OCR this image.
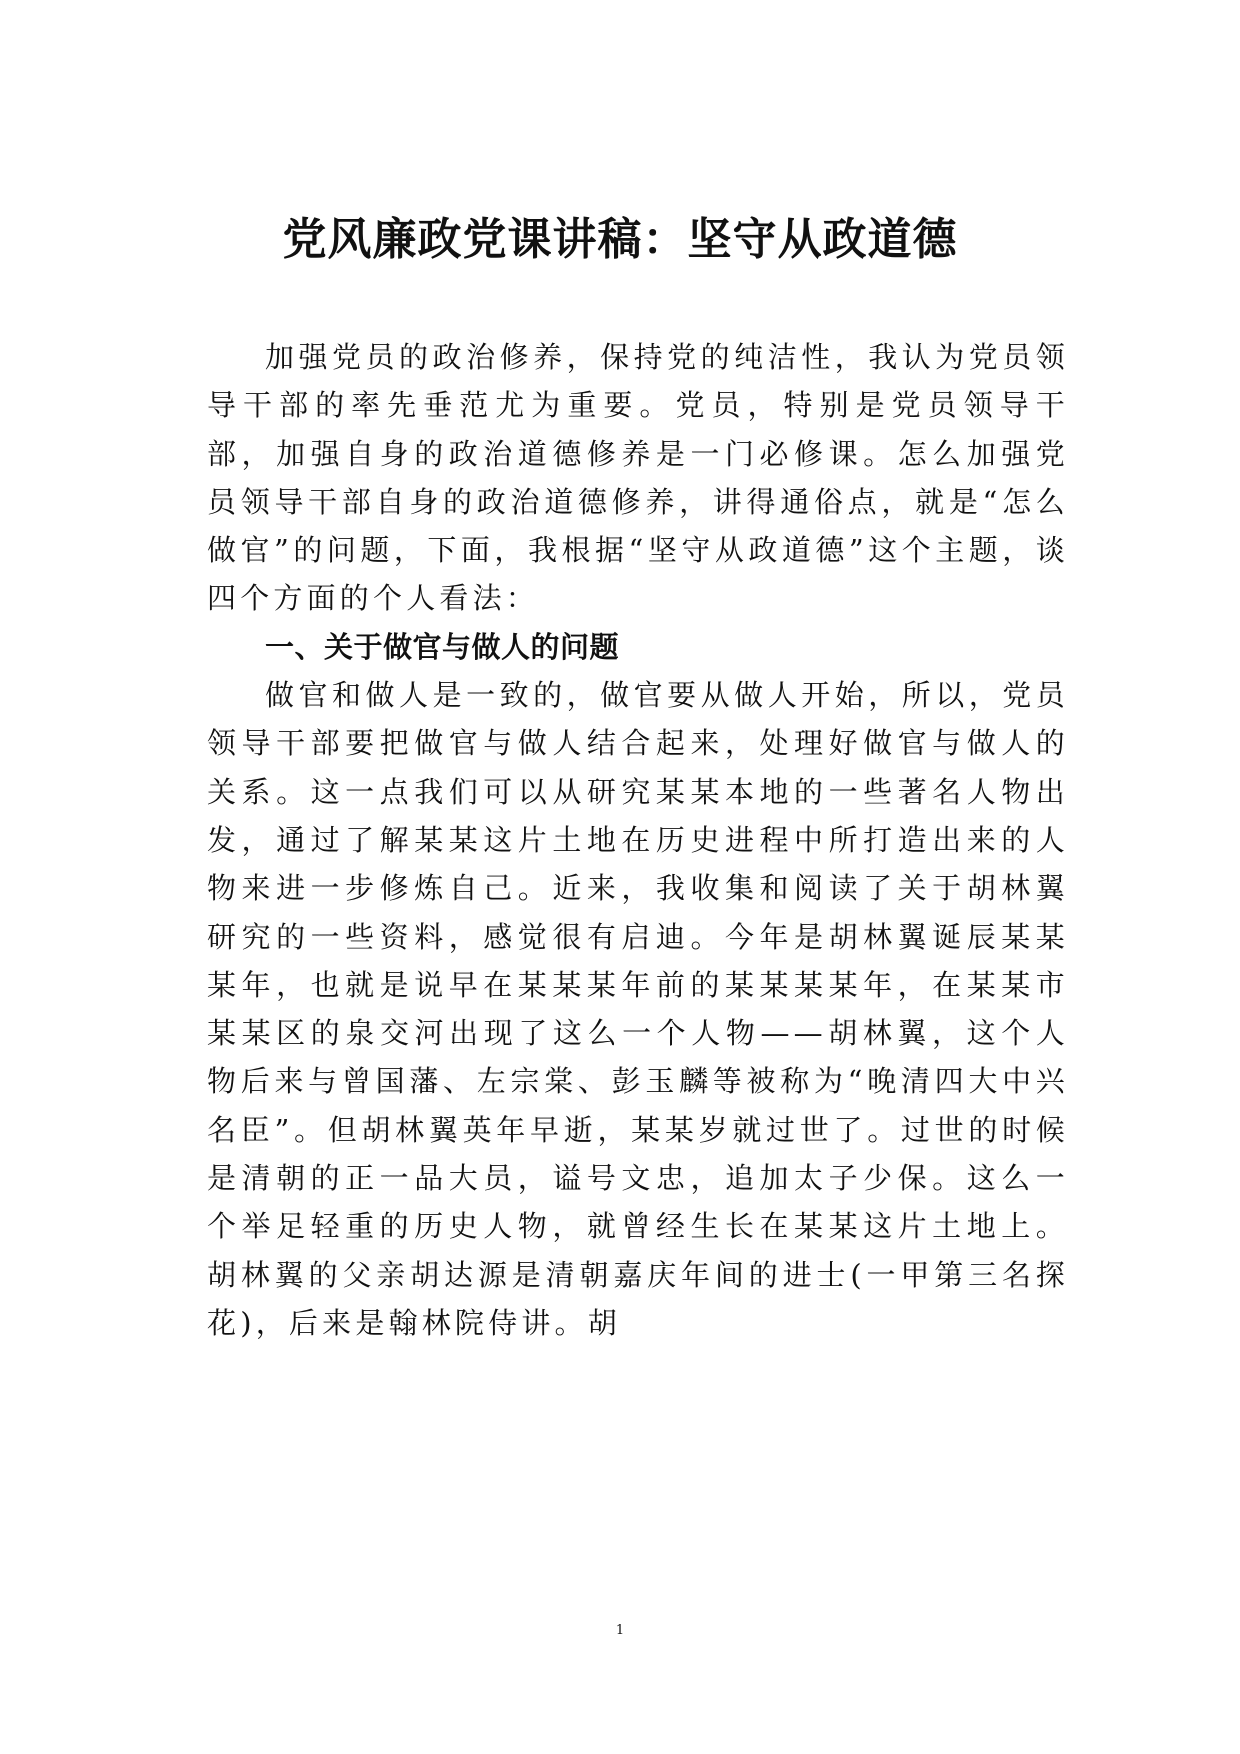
党风廉政党课讲稿：坚守从政道德

加强党员的政治修养，保持党的纯洁性，我认为党员领导干部的率先垂范尤为重要。党员，特别是党员领导干部，加强自身的政治道德修养是一门必修课。怎么加强党员领导干部自身的政治道德修养，讲得通俗点，就是“怎么做官”的问题，下面，我根据“坚守从政道德”这个主题，谈四个方面的个人看法：

一、关于做官与做人的问题

做官和做人是一致的，做官要从做人开始，所以，党员领导干部要把做官与做人结合起来，处理好做官与做人的关系。这一点我们可以从研究某某本地的一些著名人物出发，通过了解某某这片土地在历史进程中所打造出来的人物来进一步修炼自己。近来，我收集和阅读了关于胡林翼研究的一些资料，感觉很有启迪。今年是胡林翼诞辰某某某年，也就是说早在某某某年前的某某某某年，在某某市某某区的泉交河出现了这么一个人物——胡林翼，这个人物后来与曾国藩、左宗棠、彭玉麟等被称为“晚清四大中兴名臣”。但胡林翼英年早逝，某某岁就过世了。过世的时候是清朝的正一品大员，谥号文忠，追加太子少保。这么一个举足轻重的历史人物，就曾经生长在某某这片土地上。胡林翼的父亲胡达源是清朝嘉庆年间的进士(一甲第三名探花)，后来是翰林院侍讲。胡

1
